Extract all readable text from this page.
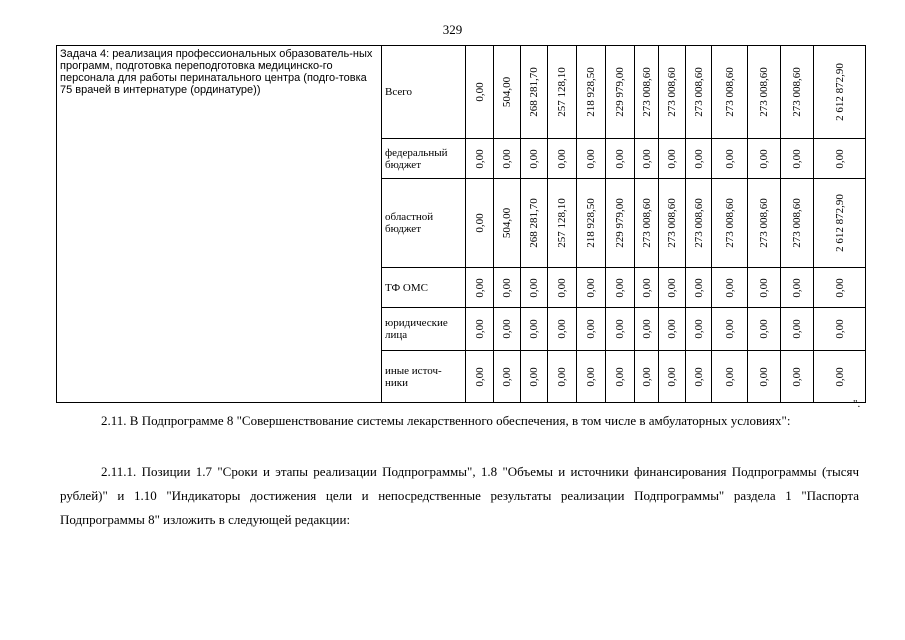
329
Задача 4: реализация профессиональных образователь-ных программ, подготовка переподготовка медицинско-го персонала для работы перинатального центра (подго-товка 75 врачей в интернатуре (ординатуре))	Всего	0,00	504,00	268 281,70	257 128,10	218 928,50	229 979,00	273 008,60	273 008,60	273 008,60	273 008,60	273 008,60	273 008,60	2 612 872,90

	федеральный бюджет	0,00	0,00	0,00	0,00	0,00	0,00	0,00	0,00	0,00	0,00	0,00	0,00	0,00

	областной бюджет	0,00	504,00	268 281,70	257 128,10	218 928,50	229 979,00	273 008,60	273 008,60	273 008,60	273 008,60	273 008,60	273 008,60	2 612 872,90

	ТФ ОМС	0,00	0,00	0,00	0,00	0,00	0,00	0,00	0,00	0,00	0,00	0,00	0,00	0,00

	юридические лица	0,00	0,00	0,00	0,00	0,00	0,00	0,00	0,00	0,00	0,00	0,00	0,00	0,00

	иные источ-ники	0,00	0,00	0,00	0,00	0,00	0,00	0,00	0,00	0,00	0,00	0,00	0,00	0,00
".
2.11. В Подпрограмме 8 "Совершенствование системы лекарственного обеспечения, в том числе в амбулаторных условиях":
2.11.1. Позиции 1.7 "Сроки и этапы реализации Подпрограммы", 1.8 "Объемы и источники финансирования Подпрограммы (тысяч рублей)" и 1.10 "Индикаторы достижения цели и непосредственные результаты реализации Подпрограммы" раздела 1 "Паспорта Подпрограммы 8" изложить в следующей редакции:
